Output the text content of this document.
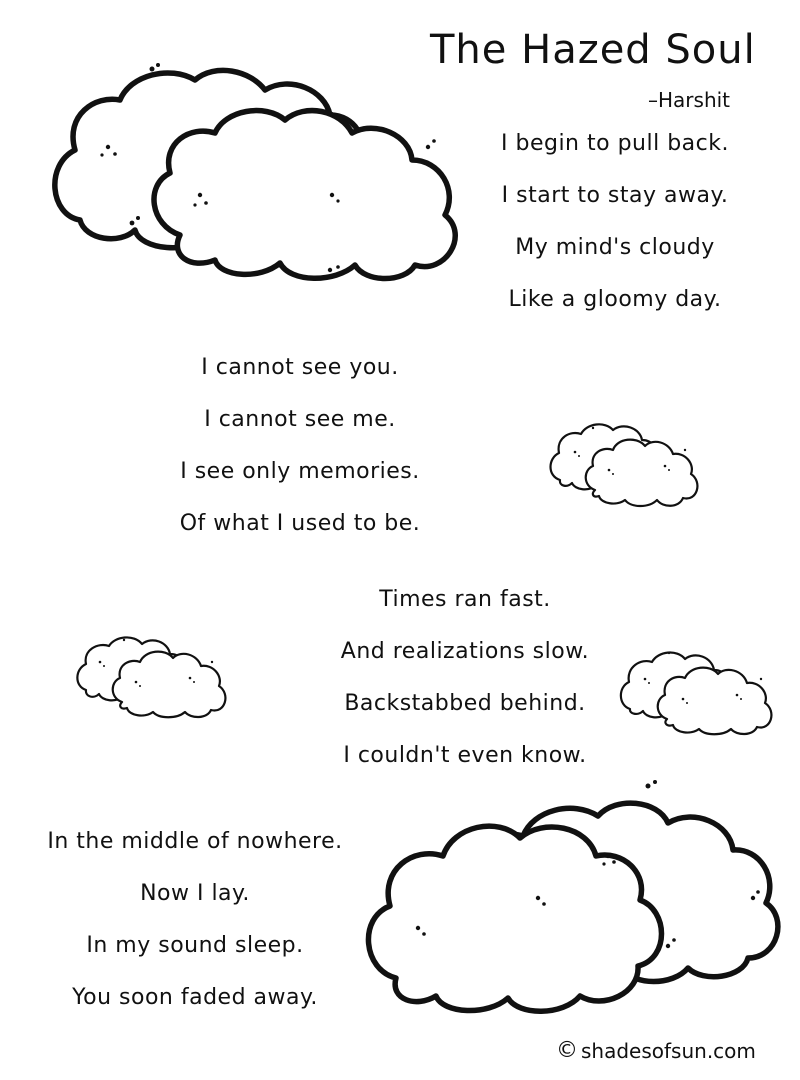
The Hazed Soul
–Harshit
I begin to pull back.
I start to stay away.
My mind's cloudy
Like a gloomy day.
I cannot see you.
I cannot see me.
I see only memories.
Of what I used to be.
Times ran fast.
And realizations slow.
Backstabbed behind.
I couldn't even know.
In the middle of nowhere.
Now I lay.
In my sound sleep.
You soon faded away.
© shadesofsun.com
